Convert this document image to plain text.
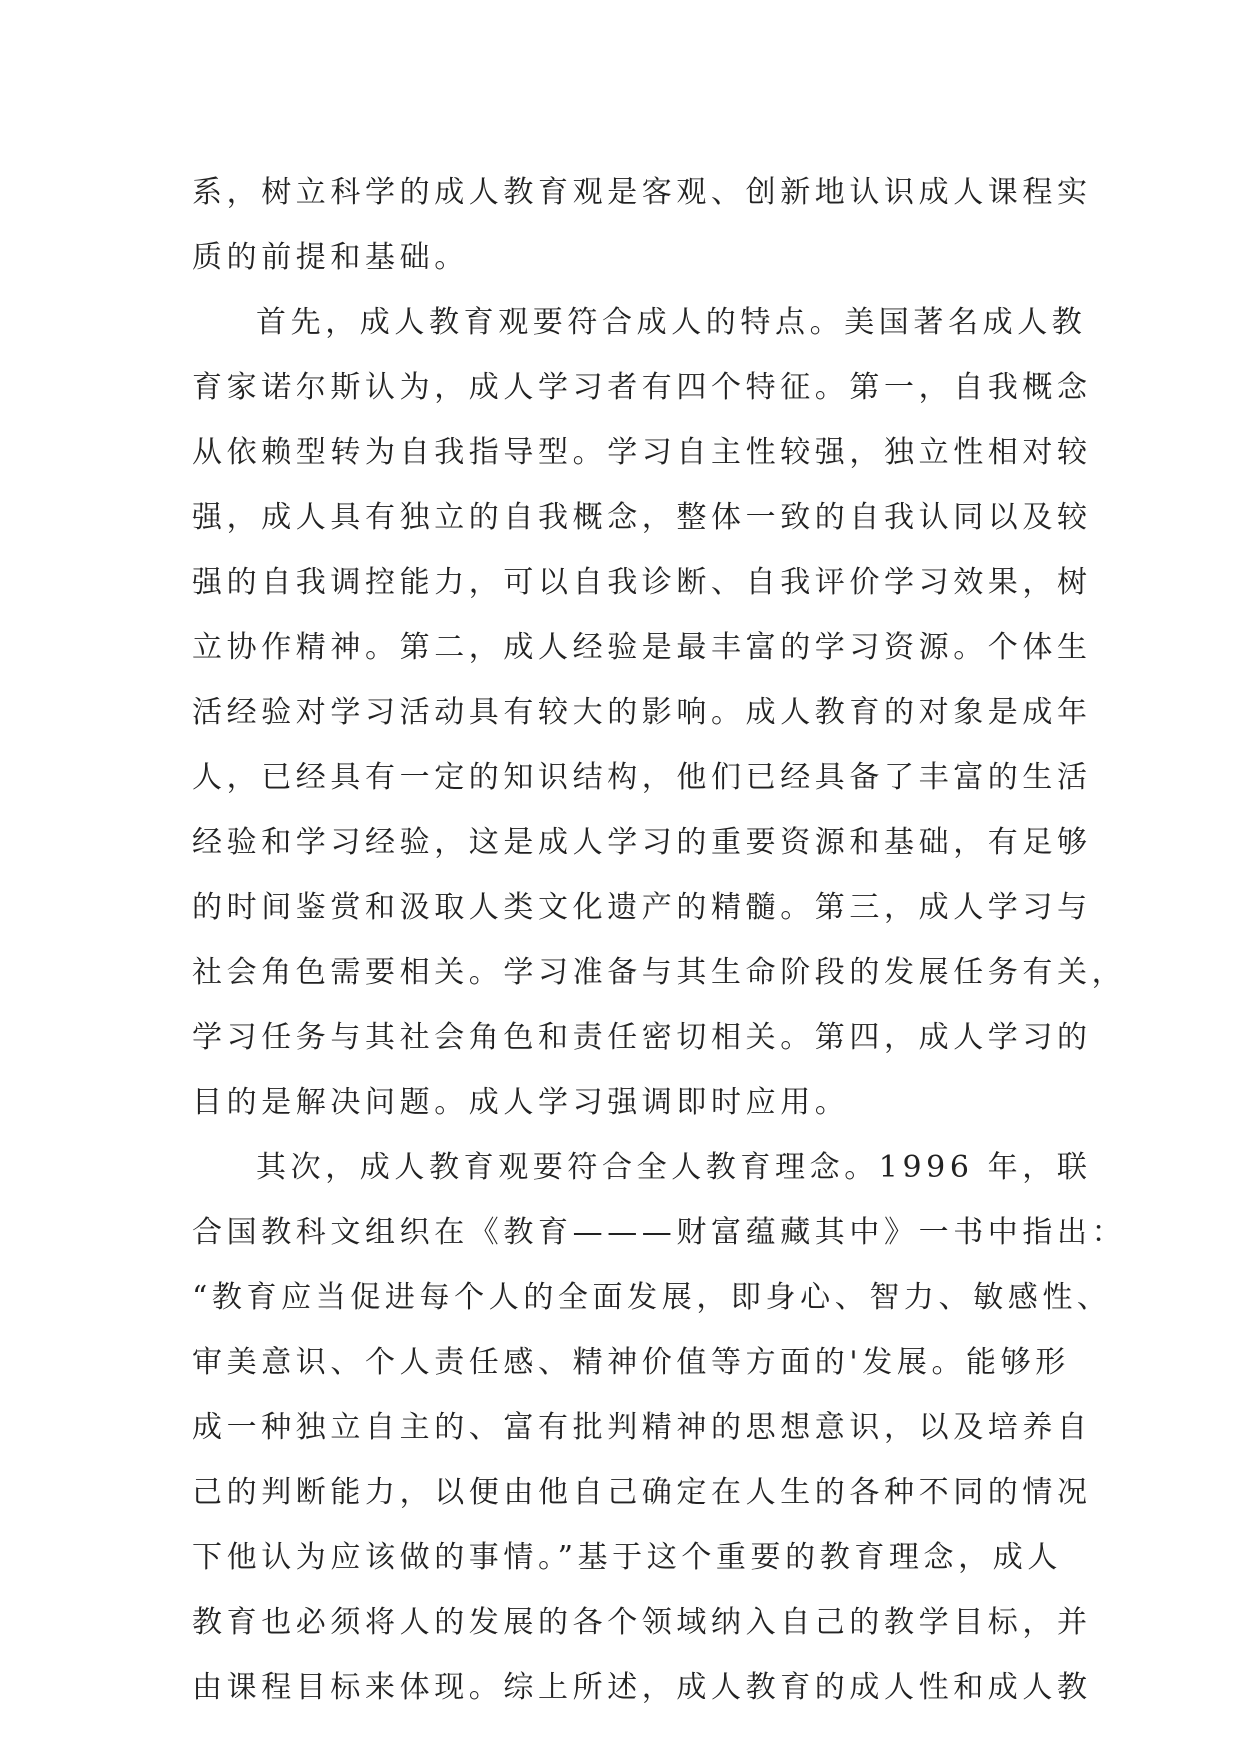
系，树立科学的成人教育观是客观、创新地认识成人课程实
质的前提和基础。
首先，成人教育观要符合成人的特点。美国著名成人教
育家诺尔斯认为，成人学习者有四个特征。第一，自我概念
从依赖型转为自我指导型。学习自主性较强，独立性相对较
强，成人具有独立的自我概念，整体一致的自我认同以及较
强的自我调控能力，可以自我诊断、自我评价学习效果，树
立协作精神。第二，成人经验是最丰富的学习资源。个体生
活经验对学习活动具有较大的影响。成人教育的对象是成年
人，已经具有一定的知识结构，他们已经具备了丰富的生活
经验和学习经验，这是成人学习的重要资源和基础，有足够
的时间鉴赏和汲取人类文化遗产的精髓。第三，成人学习与
社会角色需要相关。学习准备与其生命阶段的发展任务有关，
学习任务与其社会角色和责任密切相关。第四，成人学习的
目的是解决问题。成人学习强调即时应用。
其次，成人教育观要符合全人教育理念。1996 年，联
合国教科文组织在《教育———财富蕴藏其中》一书中指出：
“教育应当促进每个人的全面发展，即身心、智力、敏感性、
审美意识、个人责任感、精神价值等方面的'发展。能够形
成一种独立自主的、富有批判精神的思想意识，以及培养自
己的判断能力，以便由他自己确定在人生的各种不同的情况
下他认为应该做的事情。”基于这个重要的教育理念，成人
教育也必须将人的发展的各个领域纳入自己的教学目标，并
由课程目标来体现。综上所述，成人教育的成人性和成人教
